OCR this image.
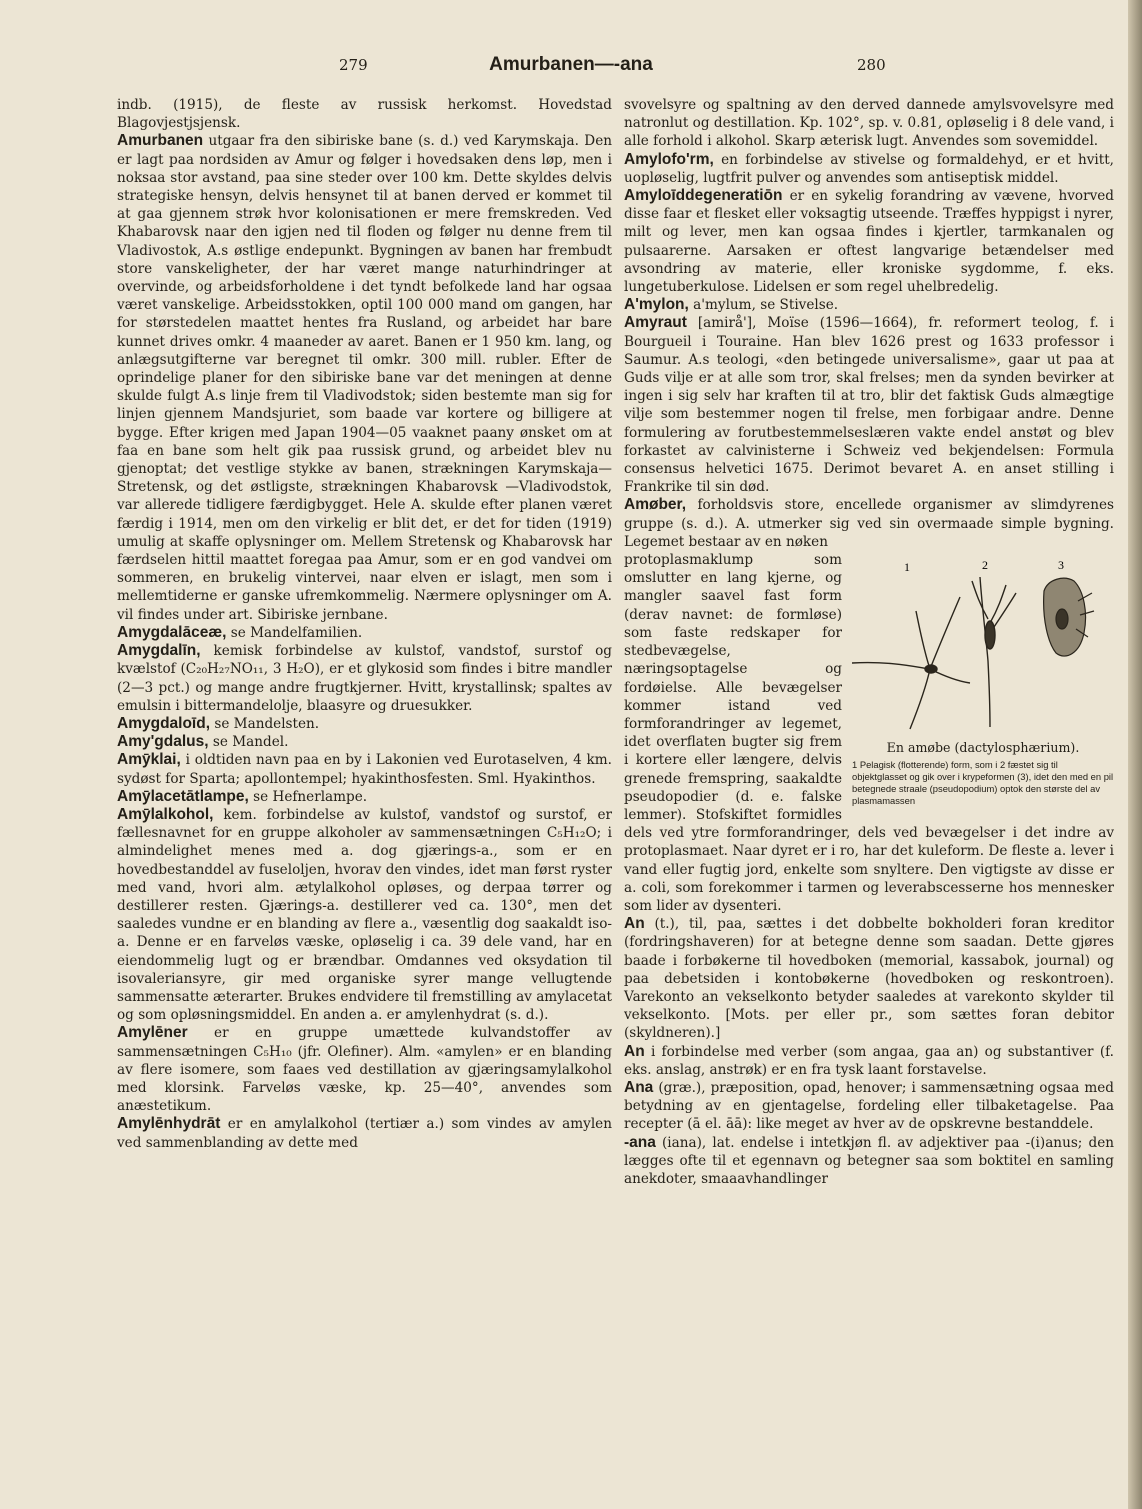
279	Amurbanen—-ana	280

indb. (1915), de fleste av russisk herkomst. Hovedstad Blagovjestjsjensk.

Amurbanen utgaar fra den sibiriske bane (s. d.) ved Karymskaja. Den er lagt paa nordsiden av Amur og følger i hovedsaken dens løp, men i noksaa stor avstand, paa sine steder over 100 km. Dette skyldes delvis strategiske hensyn, delvis hensynet til at banen derved er kommet til at gaa gjennem strøk hvor kolonisationen er mere fremskreden. Ved Khabarovsk naar den igjen ned til floden og følger nu denne frem til Vladivostok, A.s østlige endepunkt. Bygningen av banen har frembudt store vanskeligheter, der har været mange naturhindringer at overvinde, og arbeidsforholdene i det tyndt befolkede land har ogsaa været vanskelige. Arbeidsstokken, optil 100 000 mand om gangen, har for størstedelen maattet hentes fra Rusland, og arbeidet har bare kunnet drives omkr. 4 maaneder av aaret. Banen er 1 950 km. lang, og anlægsutgifterne var beregnet til omkr. 300 mill. rubler. Efter de oprindelige planer for den sibiriske bane var det meningen at denne skulde fulgt A.s linje frem til Vladivodstok; siden bestemte man sig for linjen gjennem Mandsjuriet, som baade var kortere og billigere at bygge. Efter krigen med Japan 1904—05 vaaknet paany ønsket om at faa en bane som helt gik paa russisk grund, og arbeidet blev nu gjenoptat; det vestlige stykke av banen, strækningen Karymskaja—Stretensk, og det østligste, strækningen Khabarovsk —Vladivodstok, var allerede tidligere færdigbygget. Hele A. skulde efter planen været færdig i 1914, men om den virkelig er blit det, er det for tiden (1919) umulig at skaffe oplysninger om. Mellem Stretensk og Khabarovsk har færdselen hittil maattet foregaa paa Amur, som er en god vandvei om sommeren, en brukelig vintervei, naar elven er islagt, men som i mellemtiderne er ganske ufremkommelig. Nærmere oplysninger om A. vil findes under art. Sibiriske jernbane.

Amygdalāceæ, se Mandelfamilien.

Amygdalīn, kemisk forbindelse av kulstof, vandstof, surstof og kvælstof (C₂₀H₂₇NO₁₁, 3 H₂O), er et glykosid som findes i bitre mandler (2—3 pct.) og mange andre frugtkjerner. Hvitt, krystallinsk; spaltes av emulsin i bittermandelolje, blaasyre og druesukker.

Amygdaloīd, se Mandelsten.

Amy'gdalus, se Mandel.

Amȳklai, i oldtiden navn paa en by i Lakonien ved Eurotaselven, 4 km. sydøst for Sparta; apollontempel; hyakinthosfesten. Sml. Hyakinthos.

Amȳlacetātlampe, se Hefnerlampe.

Amȳlalkohol, kem. forbindelse av kulstof, vandstof og surstof, er fællesnavnet for en gruppe alkoholer av sammensætningen C₅H₁₂O; i almindelighet menes med a. dog gjærings-a., som er en hovedbestanddel av fuseloljen, hvorav den vindes, idet man først ryster med vand, hvori alm. ætylalkohol opløses, og derpaa tørrer og destillerer resten. Gjærings-a. destillerer ved ca. 130°, men det saaledes vundne er en blanding av flere a., væsentlig dog saakaldt iso-a. Denne er en farveløs væske, opløselig i ca. 39 dele vand, har en eiendommelig lugt og er brændbar. Omdannes ved oksydation til isovaleriansyre, gir med organiske syrer mange vellugtende sammensatte æterarter. Brukes endvidere til fremstilling av amylacetat og som opløsningsmiddel. En anden a. er amylenhydrat (s. d.).

Amylēner er en gruppe umættede kulvandstoffer av sammensætningen C₅H₁₀ (jfr. Olefiner). Alm. «amylen» er en blanding av flere isomere, som faaes ved destillation av gjæringsamylalkohol med klorsink. Farveløs væske, kp. 25—40°, anvendes som anæstetikum.

Amylēnhydrāt er en amylalkohol (tertiær a.) som vindes av amylen ved sammenblanding av dette med

svovelsyre og spaltning av den derved dannede amylsvovelsyre med natronlut og destillation. Kp. 102°, sp. v. 0.81, opløselig i 8 dele vand, i alle forhold i alkohol. Skarp æterisk lugt. Anvendes som sovemiddel.

Amylofo'rm, en forbindelse av stivelse og formaldehyd, er et hvitt, uopløselig, lugtfrit pulver og anvendes som antiseptisk middel.

Amyloīddegeneratiōn er en sykelig forandring av vævene, hvorved disse faar et flesket eller voksagtig utseende. Træffes hyppigst i nyrer, milt og lever, men kan ogsaa findes i kjertler, tarmkanalen og pulsaarerne. Aarsaken er oftest langvarige betændelser med avsondring av materie, eller kroniske sygdomme, f. eks. lungetuberkulose. Lidelsen er som regel uhelbredelig.

A'mylon, a'mylum, se Stivelse.

Amyraut [amirå'], Moïse (1596—1664), fr. reformert teolog, f. i Bourgueil i Touraine. Han blev 1626 prest og 1633 professor i Saumur. A.s teologi, «den betingede universalisme», gaar ut paa at Guds vilje er at alle som tror, skal frelses; men da synden bevirker at ingen i sig selv har kraften til at tro, blir det faktisk Guds almægtige vilje som bestemmer nogen til frelse, men forbigaar andre. Denne formulering av forutbestemmelseslæren vakte endel anstøt og blev forkastet av calvinisterne i Schweiz ved bekjendelsen: Formula consensus helvetici 1675. Derimot bevaret A. en anset stilling i Frankrike til sin død.

Amøber, forholdsvis store, encellede organismer av slimdyrenes gruppe (s. d.). A. utmerker sig ved sin overmaade simple bygning. Legemet bestaar av en nøken

1	2	3
En amøbe (dactylosphærium).
1 Pelagisk (flotterende) form, som i 2 fæstet sig til objektglasset og gik over i krypeformen (3), idet den med en pil betegnede straale (pseudopodium) optok den største del av plasmamassen

protoplasmaklump som omslutter en lang kjerne, og mangler saavel fast form (derav navnet: de formløse) som faste redskaper for stedbevægelse, næringsoptagelse og fordøielse. Alle bevægelser kommer istand ved formforandringer av legemet, idet overflaten bugter sig frem i kortere eller længere, delvis grenede fremspring, saakaldte pseudopodier (d. e. falske lemmer). Stofskiftet formidles dels ved ytre formforandringer, dels ved bevægelser i det indre av protoplasmaet. Naar dyret er i ro, har det kuleform. De fleste a. lever i vand eller fugtig jord, enkelte som snyltere. Den vigtigste av disse er a. coli, som forekommer i tarmen og leverabscesserne hos mennesker som lider av dysenteri.

An (t.), til, paa, sættes i det dobbelte bokholderi foran kreditor (fordringshaveren) for at betegne denne som saadan. Dette gjøres baade i forbøkerne til hovedboken (memorial, kassabok, journal) og paa debetsiden i kontobøkerne (hovedboken og reskontroen). Varekonto an vekselkonto betyder saaledes at varekonto skylder til vekselkonto. [Mots. per eller pr., som sættes foran debitor (skyldneren).]

An i forbindelse med verber (som angaa, gaa an) og substantiver (f. eks. anslag, anstrøk) er en fra tysk laant forstavelse.

Ana (græ.), præposition, opad, henover; i sammensætning ogsaa med betydning av en gjentagelse, fordeling eller tilbaketagelse. Paa recepter (ā el. āā): like meget av hver av de opskrevne bestanddele.

-ana (iana), lat. endelse i intetkjøn fl. av adjektiver paa -(i)anus; den lægges ofte til et egennavn og betegner saa som boktitel en samling anekdoter, smaaavhandlinger
